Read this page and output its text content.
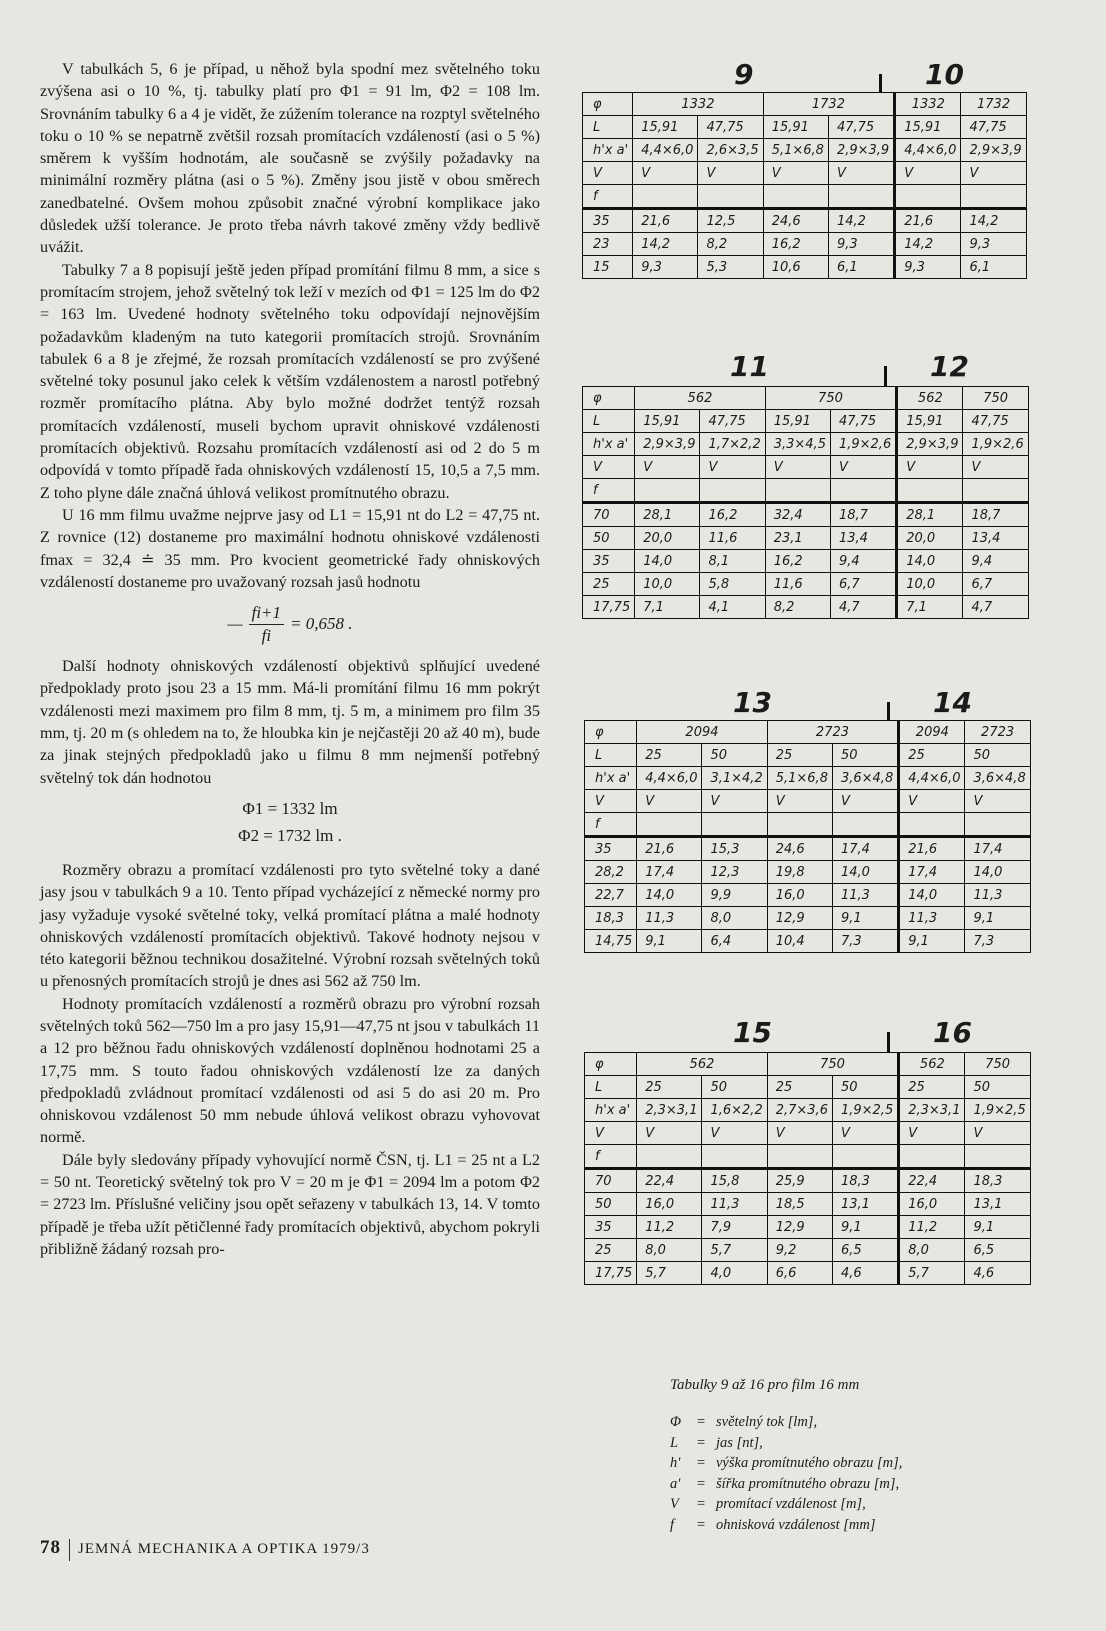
V tabulkách 5, 6 je případ, u něhož byla spodní mez světelného toku zvýšena asi o 10 %, tj. tabulky platí pro Φ1 = 91 lm, Φ2 = 108 lm. Srovnáním tabulky 6 a 4 je vidět, že zúžením tolerance na rozptyl světelného toku o 10 % se nepatrně zvětšil rozsah promítacích vzdáleností (asi o 5 %) směrem k vyšším hodnotám, ale současně se zvýšily požadavky na minimální rozměry plátna (asi o 5 %). Změny jsou jistě v obou směrech zanedbatelné. Ovšem mohou způsobit značné výrobní komplikace jako důsledek užší tolerance. Je proto třeba návrh takové změny vždy bedlivě uvážit.

Tabulky 7 a 8 popisují ještě jeden případ promítání filmu 8 mm, a sice s promítacím strojem, jehož světelný tok leží v mezích od Φ1 = 125 lm do Φ2 = 163 lm. Uvedené hodnoty světelného toku odpovídají nejnovějším požadavkům kladeným na tuto kategorii promítacích strojů. Srovnáním tabulek 6 a 8 je zřejmé, že rozsah promítacích vzdáleností se pro zvýšené světelné toky posunul jako celek k větším vzdálenostem a narostl potřebný rozměr promítacího plátna. Aby bylo možné dodržet tentýž rozsah promítacích vzdáleností, museli bychom upravit ohniskové vzdálenosti promítacích objektivů. Rozsahu promítacích vzdáleností asi od 2 do 5 m odpovídá v tomto případě řada ohniskových vzdáleností 15, 10,5 a 7,5 mm. Z toho plyne dále značná úhlová velikost promítnutého obrazu.

U 16 mm filmu uvažme nejprve jasy od L1 = 15,91 nt do L2 = 47,75 nt. Z rovnice (12) dostaneme pro maximální hodnotu ohniskové vzdálenosti fmax = 32,4 ≐ 35 mm. Pro kvocient geometrické řady ohniskových vzdáleností dostaneme pro uvažovaný rozsah jasů hodnotu

— $\frac{fi+1}{fi} = 0,658$ .

Další hodnoty ohniskových vzdáleností objektivů splňující uvedené předpoklady proto jsou 23 a 15 mm. Má-li promítání filmu 16 mm pokrýt vzdálenosti mezi maximem pro film 8 mm, tj. 5 m, a minimem pro film 35 mm, tj. 20 m (s ohledem na to, že hloubka kin je nejčastěji 20 až 40 m), bude za jinak stejných předpokladů jako u filmu 8 mm nejmenší potřebný světelný tok dán hodnotou

Φ1 = 1332 lm
Φ2 = 1732 lm .

Rozměry obrazu a promítací vzdálenosti pro tyto světelné toky a dané jasy jsou v tabulkách 9 a 10. Tento případ vycházející z německé normy pro jasy vyžaduje vysoké světelné toky, velká promítací plátna a malé hodnoty ohniskových vzdáleností promítacích objektivů. Takové hodnoty nejsou v této kategorii běžnou technikou dosažitelné. Výrobní rozsah světelných toků u přenosných promítacích strojů je dnes asi 562 až 750 lm.

Hodnoty promítacích vzdáleností a rozměrů obrazu pro výrobní rozsah světelných toků 562—750 lm a pro jasy 15,91—47,75 nt jsou v tabulkách 11 a 12 pro běžnou řadu ohniskových vzdáleností doplněnou hodnotami 25 a 17,75 mm. S touto řadou ohniskových vzdáleností lze za daných předpokladů zvládnout promítací vzdálenosti od asi 5 do asi 20 m. Pro ohniskovou vzdálenost 50 mm nebude úhlová velikost obrazu vyhovovat normě.

Dále byly sledovány případy vyhovující normě ČSN, tj. L1 = 25 nt a L2 = 50 nt. Teoretický světelný tok pro V = 20 m je Φ1 = 2094 lm a potom Φ2 = 2723 lm. Příslušné veličiny jsou opět seřazeny v tabulkách 13, 14. V tomto případě je třeba užít pětičlenné řady promítacích objektivů, abychom pokryli přibližně žádaný rozsah pro-

78 JEMNÁ MECHANIKA A OPTIKA 1979/3
9	10
φ	1332		1732		1332	1732
L	15,91	47,75	15,91	47,75	15,91	47,75
h'x a'	4,4×6,0	2,6×3,5	5,1×6,8	2,9×3,9	4,4×6,0	2,9×3,9
V	V	V	V	V	V	V
f						
35	21,6	12,5	24,6	14,2	21,6	14,2
23	14,2	8,2	16,2	9,3	14,2	9,3
15	9,3	5,3	10,6	6,1	9,3	6,1
11	12
φ	562		750		562	750
L	15,91	47,75	15,91	47,75	15,91	47,75
h'x a'	2,9×3,9	1,7×2,2	3,3×4,5	1,9×2,6	2,9×3,9	1,9×2,6
V	V	V	V	V	V	V
f						
70	28,1	16,2	32,4	18,7	28,1	18,7
50	20,0	11,6	23,1	13,4	20,0	13,4
35	14,0	8,1	16,2	9,4	14,0	9,4
25	10,0	5,8	11,6	6,7	10,0	6,7
17,75	7,1	4,1	8,2	4,7	7,1	4,7
13	14
φ	2094		2723		2094	2723
L	25	50	25	50	25	50
h'x a'	4,4×6,0	3,1×4,2	5,1×6,8	3,6×4,8	4,4×6,0	3,6×4,8
V	V	V	V	V	V	V
f						
35	21,6	15,3	24,6	17,4	21,6	17,4
28,2	17,4	12,3	19,8	14,0	17,4	14,0
22,7	14,0	9,9	16,0	11,3	14,0	11,3
18,3	11,3	8,0	12,9	9,1	11,3	9,1
14,75	9,1	6,4	10,4	7,3	9,1	7,3
15	16
φ	562		750		562	750
L	25	50	25	50	25	50
h'x a'	2,3×3,1	1,6×2,2	2,7×3,6	1,9×2,5	2,3×3,1	1,9×2,5
V	V	V	V	V	V	V
f						
70	22,4	15,8	25,9	18,3	22,4	18,3
50	16,0	11,3	18,5	13,1	16,0	13,1
35	11,2	7,9	12,9	9,1	11,2	9,1
25	8,0	5,7	9,2	6,5	8,0	6,5
17,75	5,7	4,0	6,6	4,6	5,7	4,6
Tabulky 9 až 16 pro film 16 mm
Φ	= světelný tok [lm],
L	= jas [nt],
h'	= výška promítnutého obrazu [m],
a'	= šířka promítnutého obrazu [m],
V	= promítací vzdálenost [m],
f	= ohnisková vzdálenost [mm]
